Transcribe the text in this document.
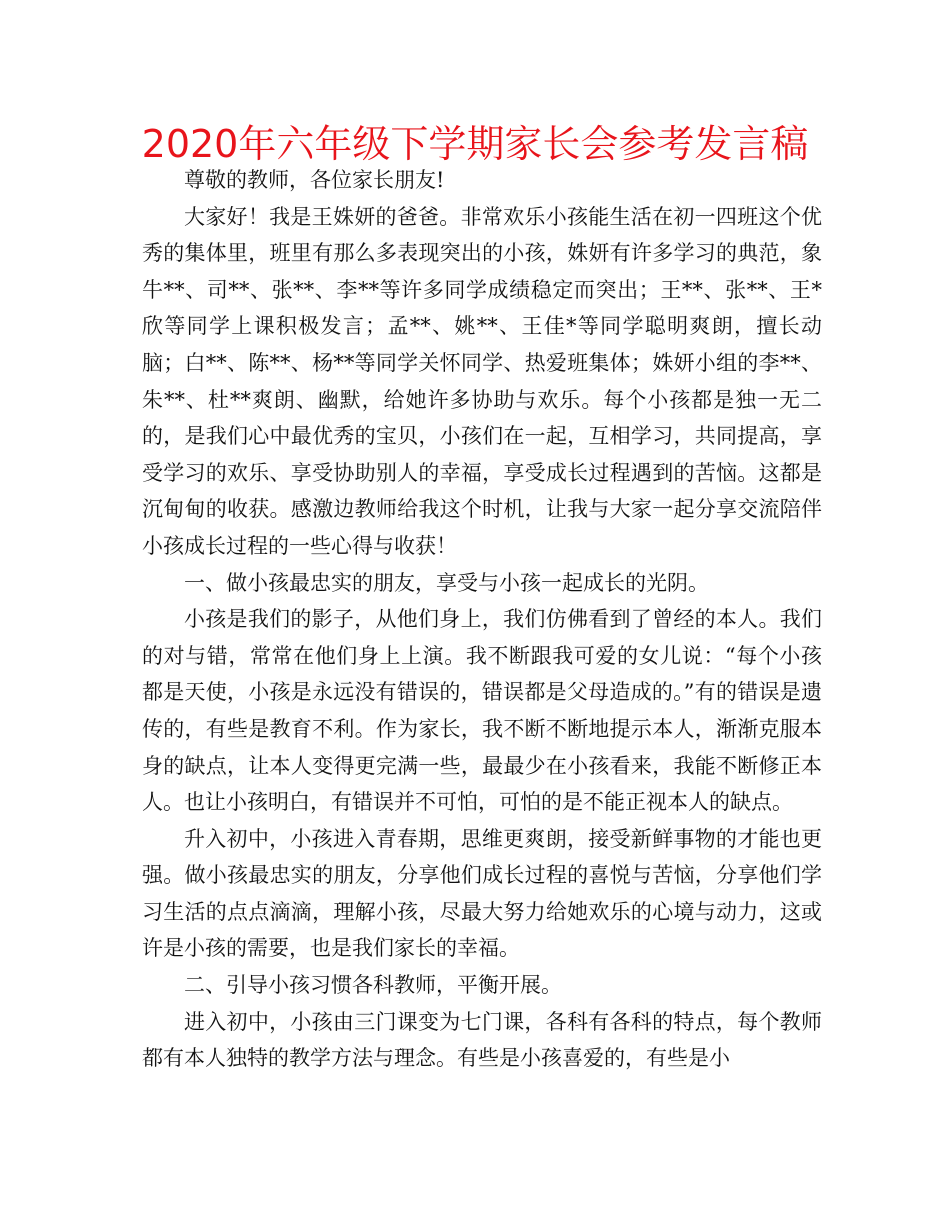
2020年六年级下学期家长会参考发言稿

尊敬的教师，各位家长朋友!

大家好！我是王姝妍的爸爸。非常欢乐小孩能生活在初一四班这个优秀的集体里，班里有那么多表现突出的小孩，姝妍有许多学习的典范，象牛**、司**、张**、李**等许多同学成绩稳定而突出；王**、张**、王*欣等同学上课积极发言；孟**、姚**、王佳*等同学聪明爽朗，擅长动脑；白**、陈**、杨**等同学关怀同学、热爱班集体；姝妍小组的李**、朱**、杜**爽朗、幽默，给她许多协助与欢乐。每个小孩都是独一无二的，是我们心中最优秀的宝贝，小孩们在一起，互相学习，共同提高，享受学习的欢乐、享受协助别人的幸福，享受成长过程遇到的苦恼。这都是沉甸甸的收获。感激边教师给我这个时机，让我与大家一起分享交流陪伴小孩成长过程的一些心得与收获！

一、做小孩最忠实的朋友，享受与小孩一起成长的光阴。

小孩是我们的影子，从他们身上，我们仿佛看到了曾经的本人。我们的对与错，常常在他们身上上演。我不断跟我可爱的女儿说：“每个小孩都是天使，小孩是永远没有错误的，错误都是父母造成的。”有的错误是遗传的，有些是教育不利。作为家长，我不断不断地提示本人，渐渐克服本身的缺点，让本人变得更完满一些，最最少在小孩看来，我能不断修正本人。也让小孩明白，有错误并不可怕，可怕的是不能正视本人的缺点。

升入初中，小孩进入青春期，思维更爽朗，接受新鲜事物的才能也更强。做小孩最忠实的朋友，分享他们成长过程的喜悦与苦恼，分享他们学习生活的点点滴滴，理解小孩，尽最大努力给她欢乐的心境与动力，这或许是小孩的需要，也是我们家长的幸福。

二、引导小孩习惯各科教师，平衡开展。

进入初中，小孩由三门课变为七门课，各科有各科的特点，每个教师都有本人独特的教学方法与理念。有些是小孩喜爱的，有些是小
